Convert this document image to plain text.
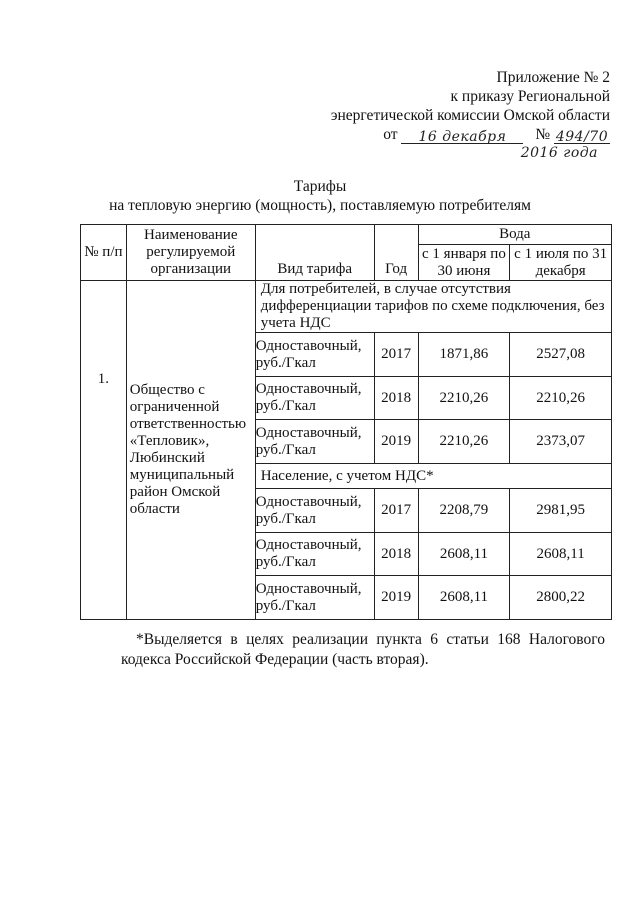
Приложение № 2
к приказу Региональной
энергетической комиссии Омской области
от 16 декабря № 494/70
2016 года
Тарифы
на тепловую энергию (мощность), поставляемую потребителям
№ п/п	Наименование регулируемой организации	Вид тарифа	Год	Вода	
				с 1 января по 30 июня	с 1 июля по 31 декабря
1.	Общество с ограниченной ответственностью «Тепловик», Любинский муниципальный район Омской области	Для потребителей, в случае отсутствия дифференциации тарифов по схеме подключения, без учета НДС			
		Одноставочный, руб./Гкал	2017	1871,86	2527,08
		Одноставочный, руб./Гкал	2018	2210,26	2210,26
		Одноставочный, руб./Гкал	2019	2210,26	2373,07
		Население, с учетом НДС*			
		Одноставочный, руб./Гкал	2017	2208,79	2981,95
		Одноставочный, руб./Гкал	2018	2608,11	2608,11
		Одноставочный, руб./Гкал	2019	2608,11	2800,22

*Выделяется в целях реализации пункта 6 статьи 168 Налогового кодекса Российской Федерации (часть вторая).
